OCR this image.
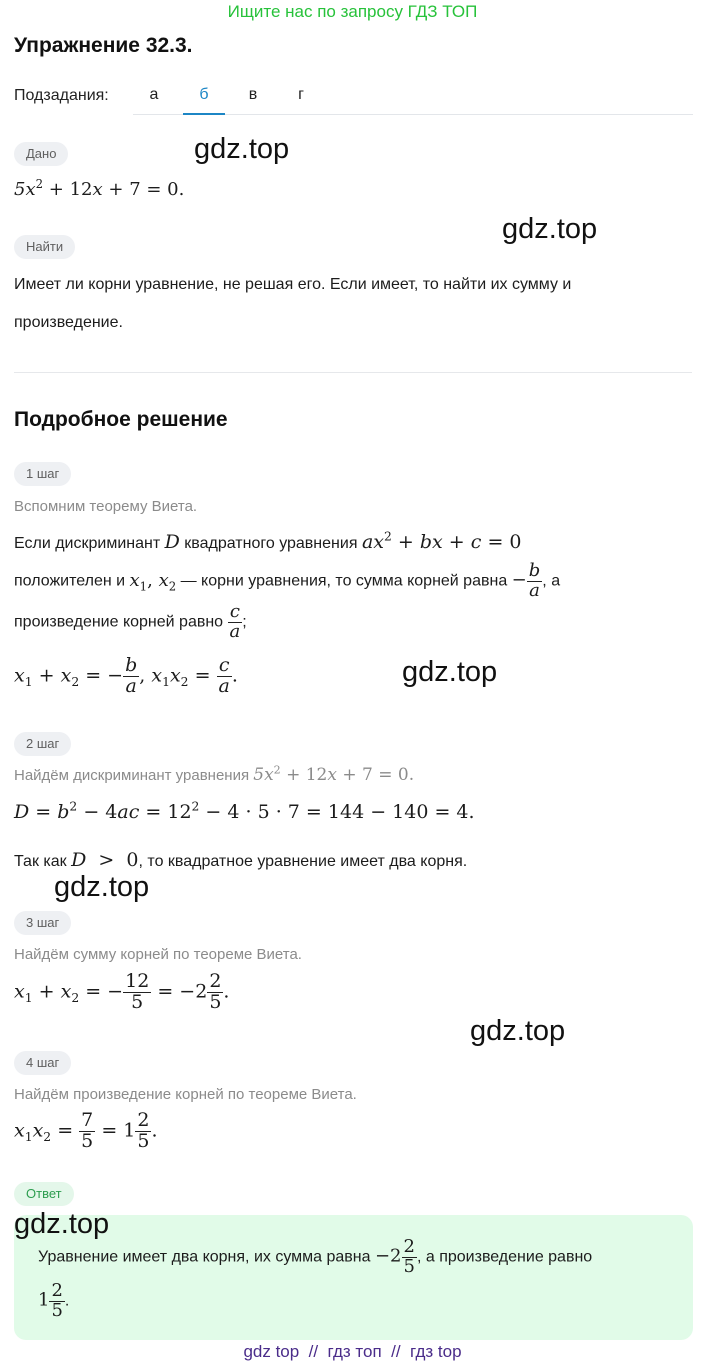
Ищите нас по запросу ГДЗ ТОП
Упражнение 32.3.
Подзадания:	а	б	в	г
Дано	gdz.top
$5x^2 + 12x + 7 = 0$.
gdz.top
Найти
Имеет ли корни уравнение, не решая его. Если имеет, то найти их сумму и
произведение.
Подробное решение
1 шаг
Вспомним теорему Виета.
Если дискриминант D квадратного уравнения $ax^2$ + bx + c = 0
положителен и $x_1$, $x_2$ — корни уравнения, то сумма корней равна − $\frac{b}{a}$ , а
произведение корней равно $\frac{c}{a}$ ;
$x_1 + x_2$ = − $\frac{b}{a}$ , $x_1x_2 = \frac{c}{a}$ .	gdz.top
2 шаг
Найдём дискриминант уравнения $5x^2 + 12x + 7 = 0$.
$D = b^2 - 4ac = 12^2 - 4 \cdot 5 \cdot 7 = 144 - 140 = 4$.
Так как D  >  0, то квадратное уравнение имеет два корня.
gdz.top
3 шаг
Найдём сумму корней по теореме Виета.
$x_1 + x_2$ = − $\frac{12}{5} = -2 \frac{2}{5}$ .
gdz.top
4 шаг
Найдём произведение корней по теореме Виета.
$x_1x_2 = \frac{7}{5} = 1 \frac{2}{5}$ .
Ответ
gdz.top
Уравнение имеет два корня, их сумма равна $-2 \frac{2}{5}$ , а произведение равно
$1 \frac{2}{5}$ .
gdz top  //  гдз топ  //  гдз top
